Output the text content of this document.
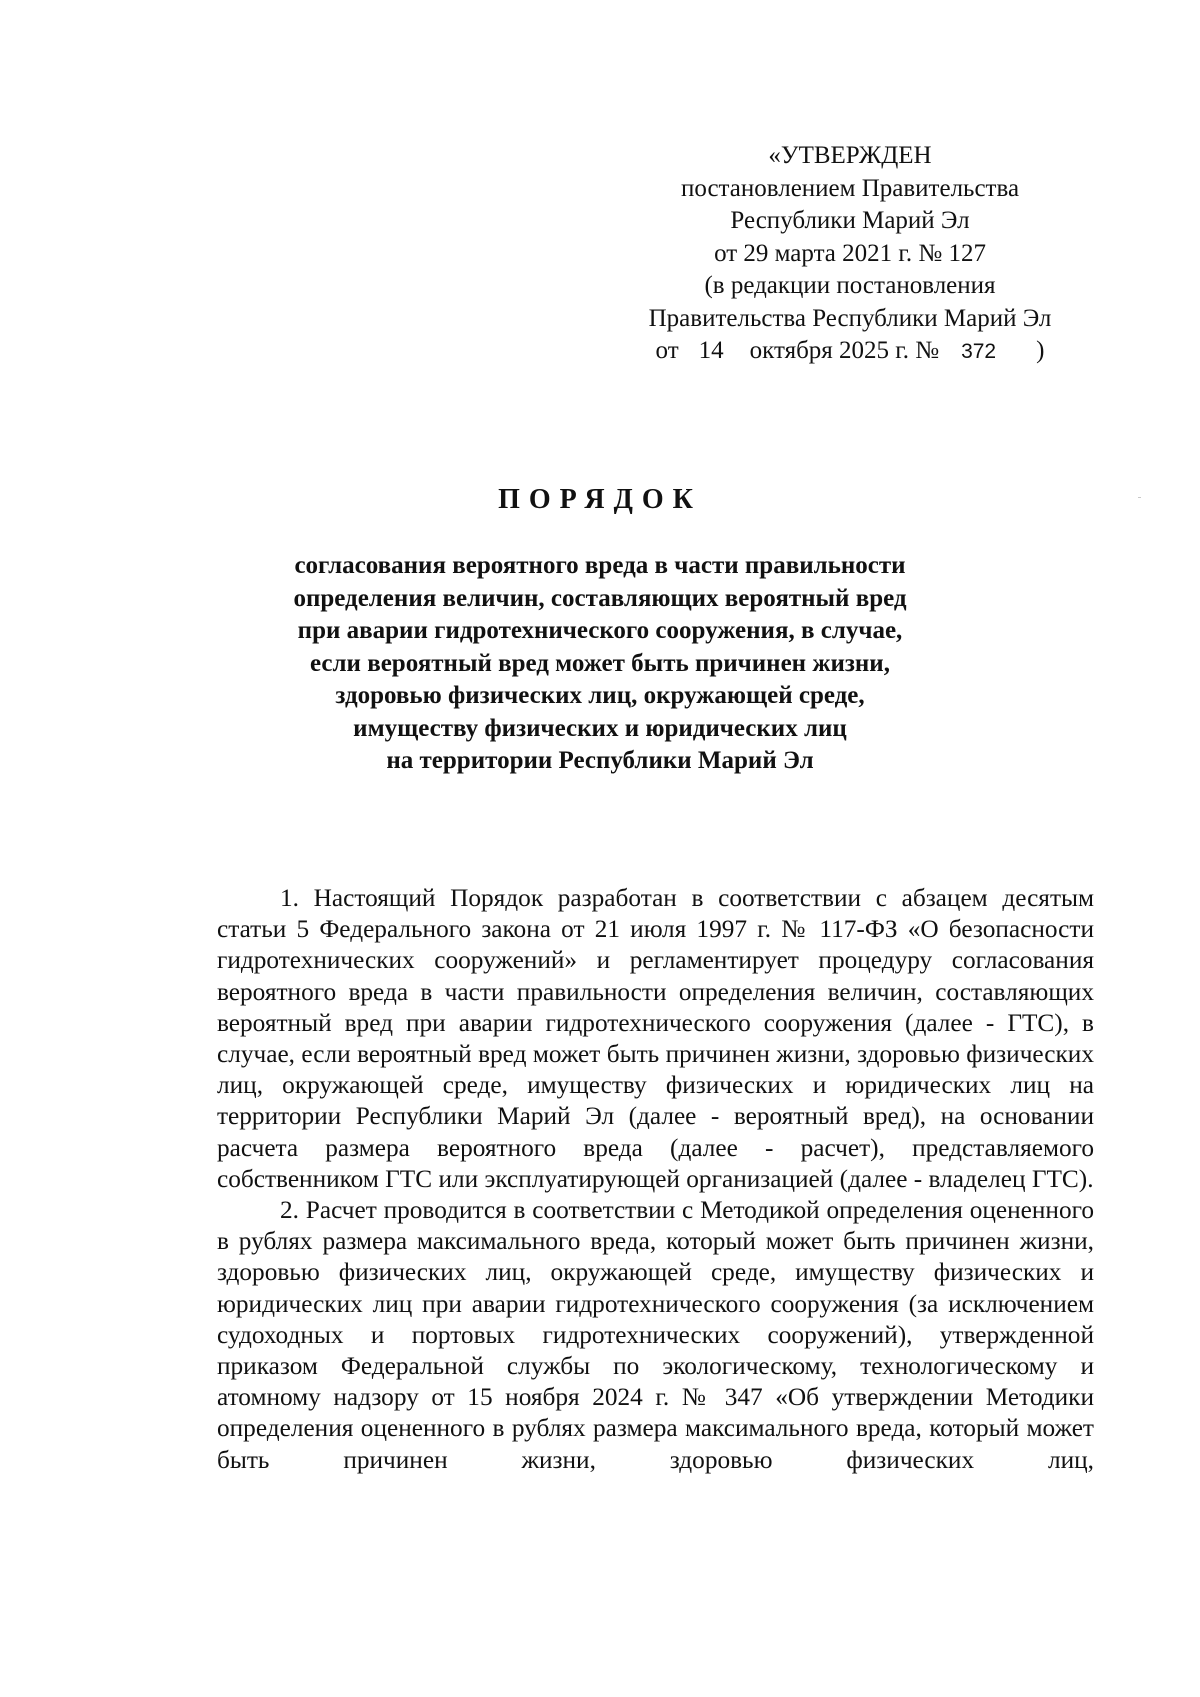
«УТВЕРЖДЕН
постановлением Правительства
Республики Марий Эл
от 29 марта 2021 г. № 127
(в редакции постановления
Правительства Республики Марий Эл
от 14 октября 2025 г. № 372 )
ПОРЯДОК
согласования вероятного вреда в части правильности
определения величин, составляющих вероятный вред
при аварии гидротехнического сооружения, в случае,
если вероятный вред может быть причинен жизни,
здоровью физических лиц, окружающей среде,
имуществу физических и юридических лиц
на территории Республики Марий Эл

1. Настоящий Порядок разработан в соответствии с абзацем десятым статьи 5 Федерального закона от 21 июля 1997 г. № 117-ФЗ «О безопасности гидротехнических сооружений» и регламентирует процедуру согласования вероятного вреда в части правильности определения величин, составляющих вероятный вред при аварии гидротехнического сооружения (далее - ГТС), в случае, если вероятный вред может быть причинен жизни, здоровью физических лиц, окружающей среде, имуществу физических и юридических лиц на территории Республики Марий Эл (далее - вероятный вред), на основании расчета размера вероятного вреда (далее - расчет), представляемого собственником ГТС или эксплуатирующей организацией (далее - владелец ГТС).

2. Расчет проводится в соответствии с Методикой определения оцененного в рублях размера максимального вреда, который может быть причинен жизни, здоровью физических лиц, окружающей среде, имуществу физических и юридических лиц при аварии гидротехнического сооружения (за исключением судоходных и портовых гидротехнических сооружений), утвержденной приказом Федеральной службы по экологическому, технологическому и атомному надзору от 15 ноября 2024 г. № 347 «Об утверждении Методики определения оцененного в рублях размера максимального вреда, который может быть причинен жизни, здоровью физических лиц,
